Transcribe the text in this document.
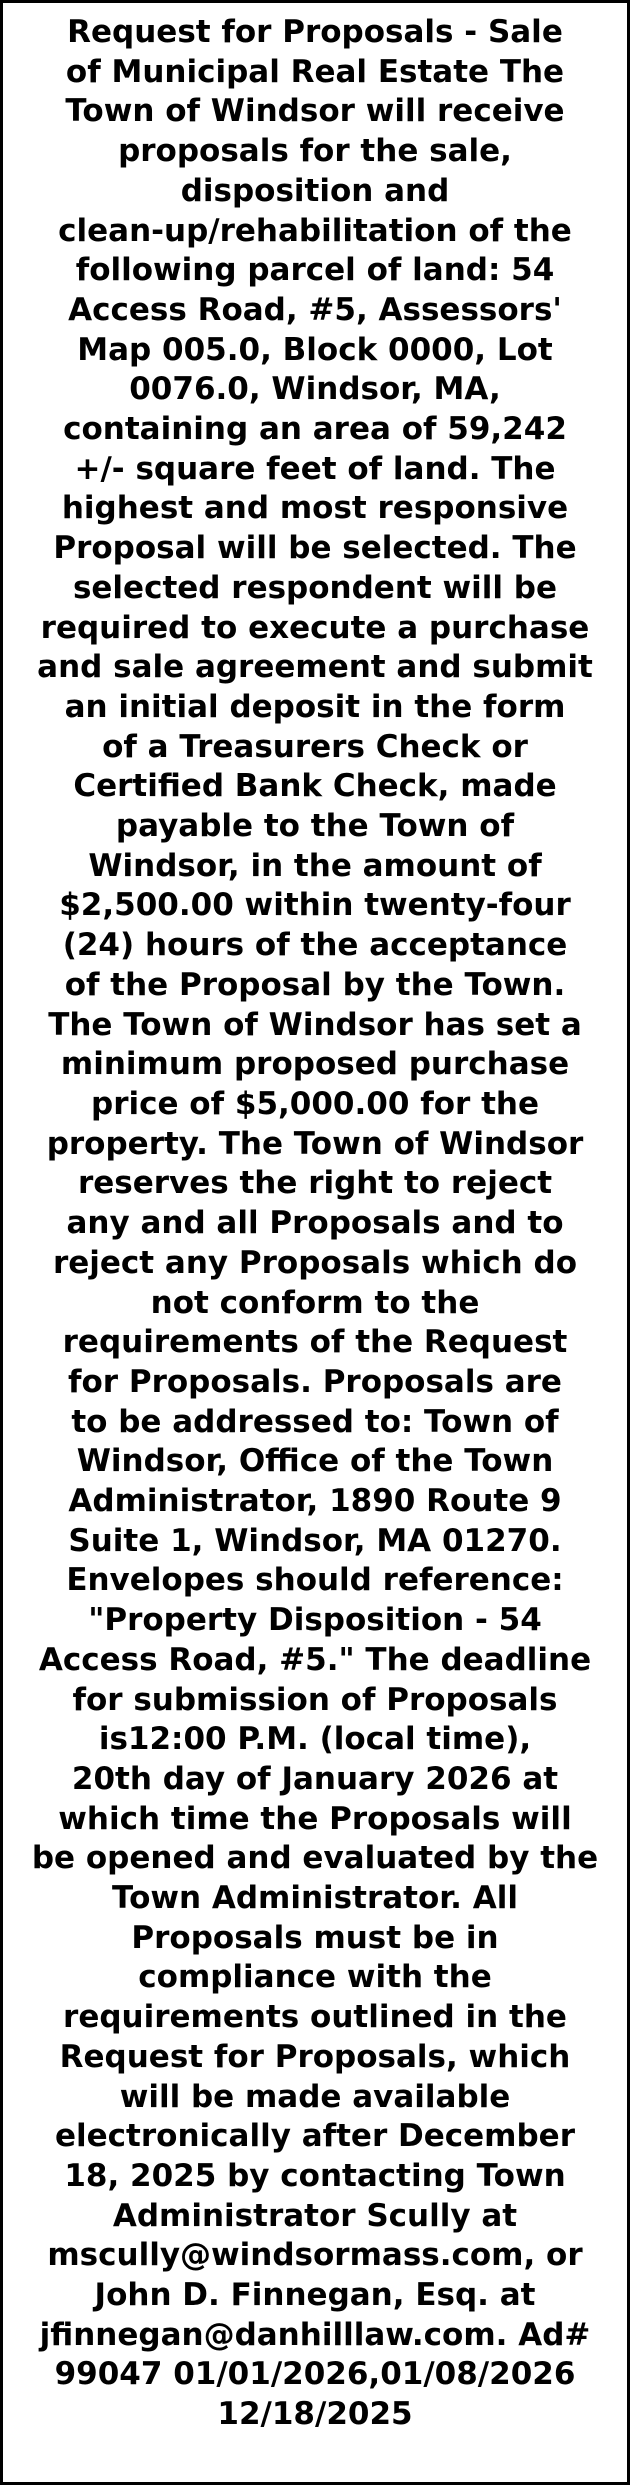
Request for Proposals - Sale
of Municipal Real Estate The
Town of Windsor will receive
proposals for the sale,
disposition and
clean-up/rehabilitation of the
following parcel of land: 54
Access Road, #5, Assessors'
Map 005.0, Block 0000, Lot
0076.0, Windsor, MA,
containing an area of 59,242
+/- square feet of land. The
highest and most responsive
Proposal will be selected. The
selected respondent will be
required to execute a purchase
and sale agreement and submit
an initial deposit in the form
of a Treasurers Check or
Certified Bank Check, made
payable to the Town of
Windsor, in the amount of
$2,500.00 within twenty-four
(24) hours of the acceptance
of the Proposal by the Town.
The Town of Windsor has set a
minimum proposed purchase
price of $5,000.00 for the
property. The Town of Windsor
reserves the right to reject
any and all Proposals and to
reject any Proposals which do
not conform to the
requirements of the Request
for Proposals. Proposals are
to be addressed to: Town of
Windsor, Office of the Town
Administrator, 1890 Route 9
Suite 1, Windsor, MA 01270.
Envelopes should reference:
"Property Disposition - 54
Access Road, #5." The deadline
for submission of Proposals
is12:00 P.M. (local time),
20th day of January 2026 at
which time the Proposals will
be opened and evaluated by the
Town Administrator. All
Proposals must be in
compliance with the
requirements outlined in the
Request for Proposals, which
will be made available
electronically after December
18, 2025 by contacting Town
Administrator Scully at
mscully@windsormass.com, or
John D. Finnegan, Esq. at
jfinnegan@danhilllaw.com. Ad#
99047 01/01/2026,01/08/2026
12/18/2025
